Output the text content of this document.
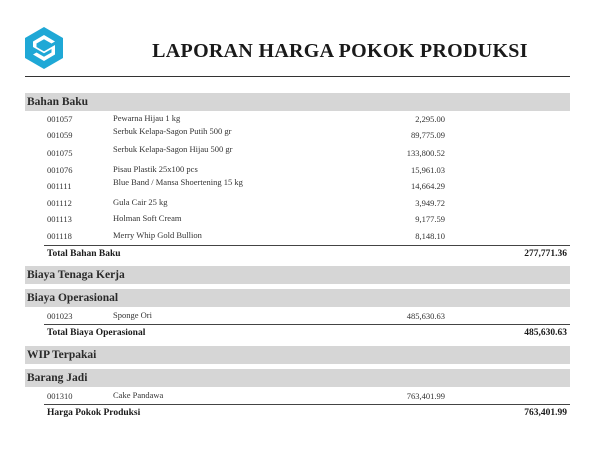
LAPORAN HARGA POKOK PRODUKSI
Bahan Baku
001057	Pewarna Hijau 1 kg	2,295.00
001059	Serbuk Kelapa-Sagon Putih 500 gr	89,775.09
001075	Serbuk Kelapa-Sagon Hijau 500 gr	133,800.52
001076	Pisau Plastik 25x100 pcs	15,961.03
001111	Blue Band / Mansa Shoertening 15 kg	14,664.29
001112	Gula Cair 25 kg	3,949.72
001113	Holman Soft Cream	9,177.59
001118	Merry Whip Gold Bullion	8,148.10
Total Bahan Baku	277,771.36
Biaya Tenaga Kerja
Biaya Operasional
001023	Sponge Ori	485,630.63
Total Biaya Operasional	485,630.63
WIP Terpakai
Barang Jadi
001310	Cake Pandawa	763,401.99
Harga Pokok Produksi	763,401.99
